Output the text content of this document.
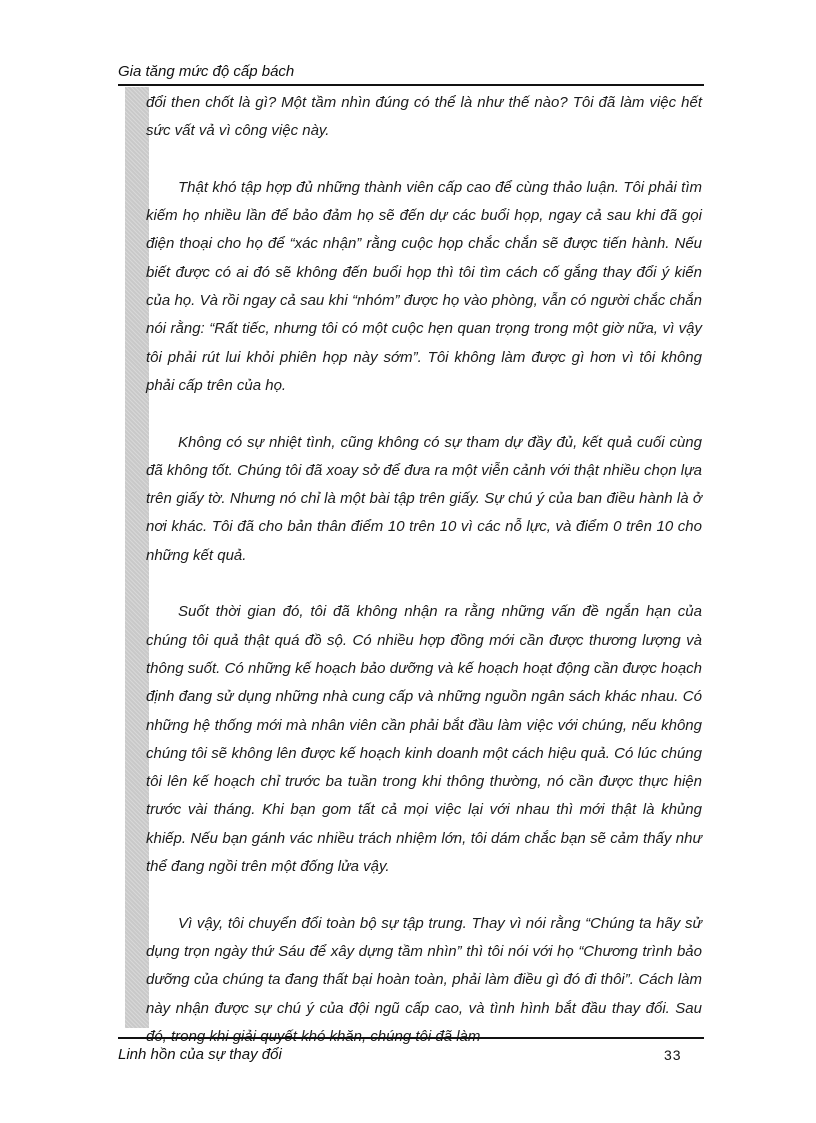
Gia tăng mức độ cấp bách

đổi then chốt là gì? Một tầm nhìn đúng có thể là như thế nào? Tôi đã làm việc hết sức vất vả vì công việc này.

Thật khó tập hợp đủ những thành viên cấp cao để cùng thảo luận. Tôi phải tìm kiếm họ nhiều lần để bảo đảm họ sẽ đến dự các buổi họp, ngay cả sau khi đã gọi điện thoại cho họ để “xác nhận” rằng cuộc họp chắc chắn sẽ được tiến hành. Nếu biết được có ai đó sẽ không đến buổi họp thì tôi tìm cách cố gắng thay đổi ý kiến của họ. Và rồi ngay cả sau khi “nhóm” được họ vào phòng, vẫn có người chắc chắn nói rằng: “Rất tiếc, nhưng tôi có một cuộc hẹn quan trọng trong một giờ nữa, vì vậy tôi phải rút lui khỏi phiên họp này sớm”. Tôi không làm được gì hơn vì tôi không phải cấp trên của họ.

Không có sự nhiệt tình, cũng không có sự tham dự đầy đủ, kết quả cuối cùng đã không tốt. Chúng tôi đã xoay sở để đưa ra một viễn cảnh với thật nhiều chọn lựa trên giấy tờ. Nhưng nó chỉ là một bài tập trên giấy. Sự chú ý của ban điều hành là ở nơi khác. Tôi đã cho bản thân điểm 10 trên 10 vì các nỗ lực, và điểm 0 trên 10 cho những kết quả.

Suốt thời gian đó, tôi đã không nhận ra rằng những vấn đề ngắn hạn của chúng tôi quả thật quá đồ sộ. Có nhiều hợp đồng mới cần được thương lượng và thông suốt. Có những kế hoạch bảo dưỡng và kế hoạch hoạt động cần được hoạch định đang sử dụng những nhà cung cấp và những nguồn ngân sách khác nhau. Có những hệ thống mới mà nhân viên cần phải bắt đầu làm việc với chúng, nếu không chúng tôi sẽ không lên được kế hoạch kinh doanh một cách hiệu quả. Có lúc chúng tôi lên kế hoạch chỉ trước ba tuần trong khi thông thường, nó cần được thực hiện trước vài tháng. Khi bạn gom tất cả mọi việc lại với nhau thì mới thật là khủng khiếp. Nếu bạn gánh vác nhiều trách nhiệm lớn, tôi dám chắc bạn sẽ cảm thấy như thể đang ngồi trên một đống lửa vậy.

Vì vậy, tôi chuyển đổi toàn bộ sự tập trung. Thay vì nói rằng “Chúng ta hãy sử dụng trọn ngày thứ Sáu để xây dựng tầm nhìn” thì tôi nói với họ “Chương trình bảo dưỡng của chúng ta đang thất bại hoàn toàn, phải làm điều gì đó đi thôi”. Cách làm này nhận được sự chú ý của đội ngũ cấp cao, và tình hình bắt đầu thay đổi. Sau

Linh hồn của sự thay đổi	33
